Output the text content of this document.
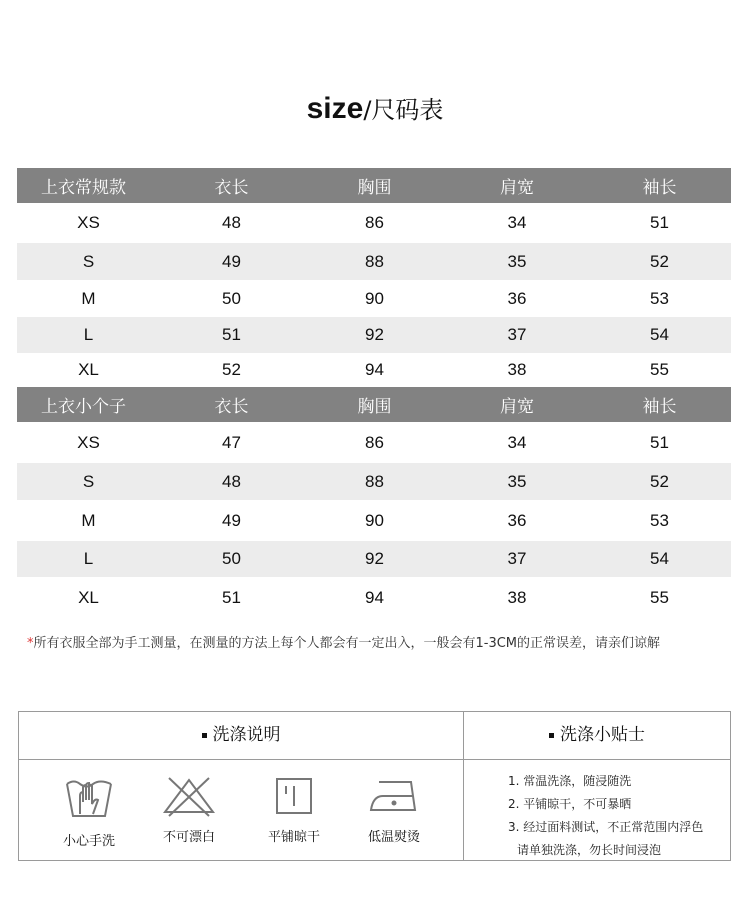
size/尺码表
上衣常规款	衣长	胸围	肩宽	袖长
XS	48	86	34	51
S	49	88	35	52
M	50	90	36	53
L	51	92	37	54
XL	52	94	38	55
上衣小个子	衣长	胸围	肩宽	袖长
XS	47	86	34	51
S	48	88	35	52
M	49	90	36	53
L	50	92	37	54
XL	51	94	38	55
*所有衣服全部为手工测量，在测量的方法上每个人都会有一定出入，一般会有1-3CM的正常误差，请亲们谅解
洗涤说明	洗涤小贴士
小心手洗	不可漂白	平铺晾干	低温熨烫
1. 常温洗涤，随浸随洗
2. 平铺晾干，不可暴晒
3. 经过面料测试，不正常范围内浮色
请单独洗涤，勿长时间浸泡
